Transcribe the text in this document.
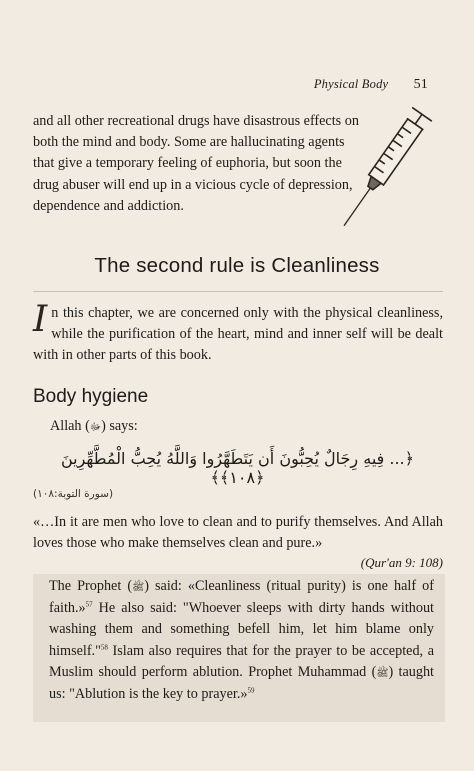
Physical Body 51
and all other recreational drugs have disastrous effects on both the mind and body. Some are hallucinating agents that give a temporary feeling of euphoria, but soon the drug abuser will end up in a vicious cycle of depression, dependence and addiction.
The second rule is Cleanliness
In this chapter, we are concerned only with the physical cleanliness, while the purification of the heart, mind and inner self will be dealt with in other parts of this book.
Body hygiene
Allah (ﷻ) says:
﴿... فِيهِ رِجَالٌ يُحِبُّونَ أَن يَتَطَهَّرُوا وَاللَّهُ يُحِبُّ الْمُطَّهِّرِينَ ﴿١٠٨﴾﴾
(سورة التوبة:١٠٨)
«…In it are men who love to clean and to purify themselves. And Allah loves those who make themselves clean and pure.»
(Qur'an 9: 108)
The Prophet (ﷺ) said: «Cleanliness (ritual purity) is one half of faith.»$^{57}$ He also said: "Whoever sleeps with dirty hands without washing them and something befell him, let him blame only himself."$^{58}$ Islam also requires that for the prayer to be accepted, a Muslim should perform ablution. Prophet Muhammad (ﷺ) taught us: "Ablution is the key to prayer.»$^{59}$
